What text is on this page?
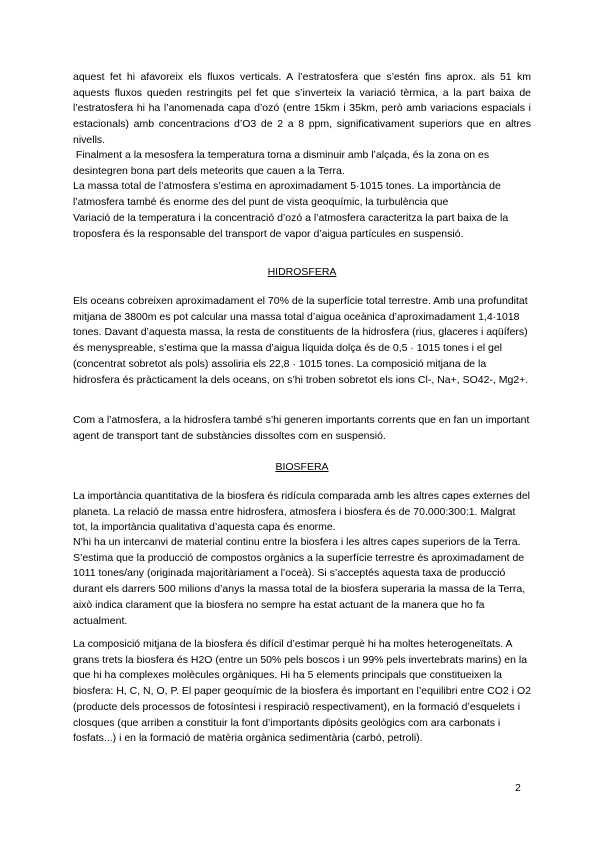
aquest fet hi afavoreix els fluxos verticals. A l’estratosfera que s’estén fins aprox. als 51 km aquests fluxos queden restringits pel fet que s’inverteix la variació tèrmica, a la part baixa de l’estratosfera hi ha l’anomenada capa d’ozó (entre 15km i 35km, però amb variacions espacials i estacionals) amb concentracions d’O3 de 2 a 8 ppm, significativament superiors que en altres nivells.

Finalment a la mesosfera la temperatura torna a disminuir amb l’alçada, és la zona on es desintegren bona part dels meteorits que cauen a la Terra.

La massa total de l’atmosfera s’estima en aproximadament 5·1015 tones. La importància de l’atmosfera també és enorme des del punt de vista geoquímic, la turbulència que

Variació de la temperatura i la concentració d’ozó a l’atmosfera caracteritza la part baixa de la troposfera és la responsable del transport de vapor d’aigua partícules en suspensió.

HIDROSFERA

Els oceans cobreixen aproximadament el 70% de la superfície total terrestre. Amb una profunditat mitjana de 3800m es pot calcular una massa total d’aigua oceànica d’aproximadament 1,4·1018 tones. Davant d’aquesta massa, la resta de constituents de la hidrosfera (rius, glaceres i aqüífers) és menyspreable, s’estima que la massa d’aigua líquida dolça és de 0,5 · 1015 tones i el gel (concentrat sobretot als pols) assoliria els 22,8 · 1015 tones. La composició mitjana de la hidrosfera és pràcticament la dels oceans, on s’hi troben sobretot els ions Cl-, Na+, SO42-, Mg2+.

Com a l’atmosfera, a la hidrosfera també s’hi generen importants corrents que en fan un important agent de transport tant de substàncies dissoltes com en suspensió.

BIOSFERA

La importància quantitativa de la biosfera és ridícula comparada amb les altres capes externes del planeta. La relació de massa entre hidrosfera, atmosfera i biosfera és de 70.000:300:1. Malgrat tot, la importància qualitativa d’aquesta capa és enorme.

N’hi ha un intercanvi de material continu entre la biosfera i les altres capes superiors de la Terra. S’estima que la producció de compostos orgànics a la superfície terrestre és aproximadament de 1011 tones/any (originada majoritàriament a l’oceà). Si s’acceptés aquesta taxa de producció durant els darrers 500 milions d’anys la massa total de la biosfera superaria la massa de la Terra, això indica clarament que la biosfera no sempre ha estat actuant de la manera que ho fa actualment.

La composició mitjana de la biosfera és difícil d’estimar perquè hi ha moltes heterogeneïtats. A grans trets la biosfera és H2O (entre un 50% pels boscos i un 99% pels invertebrats marins) en la que hi ha complexes molècules orgàniques. Hi ha 5 elements principals que constitueixen la biosfera: H, C, N, O, P. El paper geoquímic de la biosfera és important en l’equilibri entre CO2 i O2 (producte dels processos de fotosíntesi i respiració respectivament), en la formació d’esquelets i closques (que arriben a constituir la font d’importants dipòsits geològics com ara carbonats i fosfats...) i en la formació de matèria orgànica sedimentària (carbó, petroli).

2
